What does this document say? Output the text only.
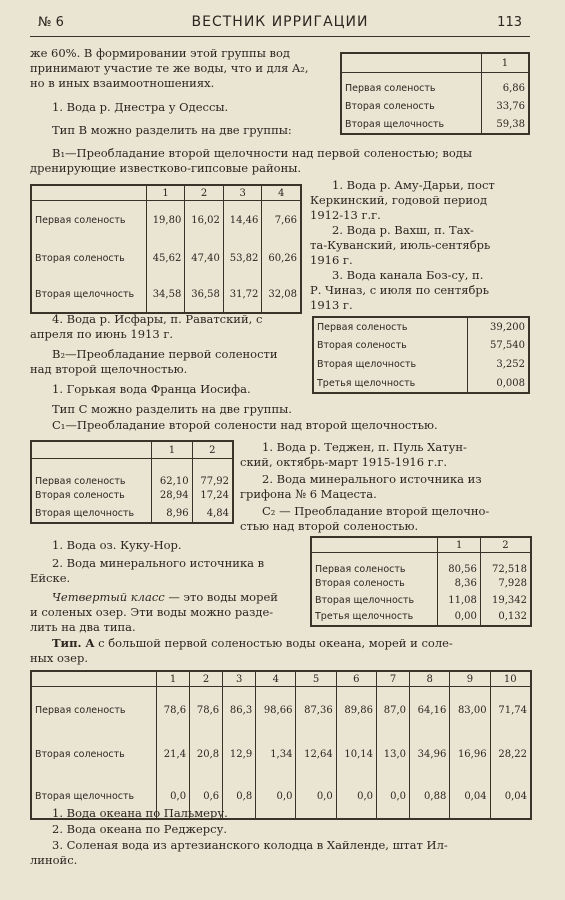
№ 6	ВЕСТНИК ИРРИГАЦИИ	113
же 60%. В формировании этой группы вод
принимают участие те же воды, что и для A₂,
но в иных взаимоотношениях.
1. Вода р. Днестра у Одессы.
Тип B можно разделить на две группы:
	1
Первая соленость	6,86
Вторая соленость	33,76
Вторая щелочность	59,38
B₁—Преобладание второй щелочности над первой соленостью; воды
дренирующие известково-гипсовые районы.
	1	2	3	4
Первая соленость	19,80	16,02	14,46	7,66
Вторая соленость	45,62	47,40	53,82	60,26
Вторая щелочность	34,58	36,58	31,72	32,08
1. Вода р. Аму-Дарьи, пост
Керкинский, годовой период
1912-13 г.г.
2. Вода р. Вахш, п. Тах-
та-Куванский, июль-сентябрь
1916 г.
3. Вода канала Боз-су, п.
Р. Чиназ, с июля по сентябрь
1913 г.
4. Вода р. Исфары, п. Раватский, с
апреля по июнь 1913 г.
B₂—Преобладание первой солености
над второй щелочностью.
1. Горькая вода Франца Иосифа.
Первая соленость	39,200
Вторая соленость	57,540
Вторая щелочность	3,252
Третья щелочность	0,008
Тип C можно разделить на две группы.
C₁—Преобладание второй солености над второй щелочностью.
	1	2
Первая соленость	62,10	77,92
Вторая соленость	28,94	17,24
Вторая щелочность	8,96	4,84
1. Вода р. Теджен, п. Пуль Хатун-
ский, октябрь-март 1915-1916 г.г.
2. Вода минерального источника из
грифона № 6 Мацеста.
C₂ — Преобладание второй щелочно-
стью над второй соленостью.
1. Вода оз. Куку-Нор.
2. Вода минерального источника в
Ейске.
Четвертый класс — это воды морей
и соленых озер. Эти воды можно разде-
лить на два типа.
	1	2
Первая соленость	80,56	72,518
Вторая соленость	8,36	7,928
Вторая щелочность	11,08	19,342
Третья щелочность	0,00	0,132
Тип. A с большой первой соленостью воды океана, морей и соле-
ных озер.
	1	2	3	4	5	6	7	8	9	10
Первая соленость	78,6	78,6	86,3	98,66	87,36	89,86	87,0	64,16	83,00	71,74
Вторая соленость	21,4	20,8	12,9	1,34	12,64	10,14	13,0	34,96	16,96	28,22
Вторая щелочность	0,0	0,6	0,8	0,0	0,0	0,0	0,0	0,88	0,04	0,04
1. Вода океана по Пальмеру.
2. Вода океана по Реджерсу.
3. Соленая вода из артезианского колодца в Хайленде, штат Ил-
линойс.
